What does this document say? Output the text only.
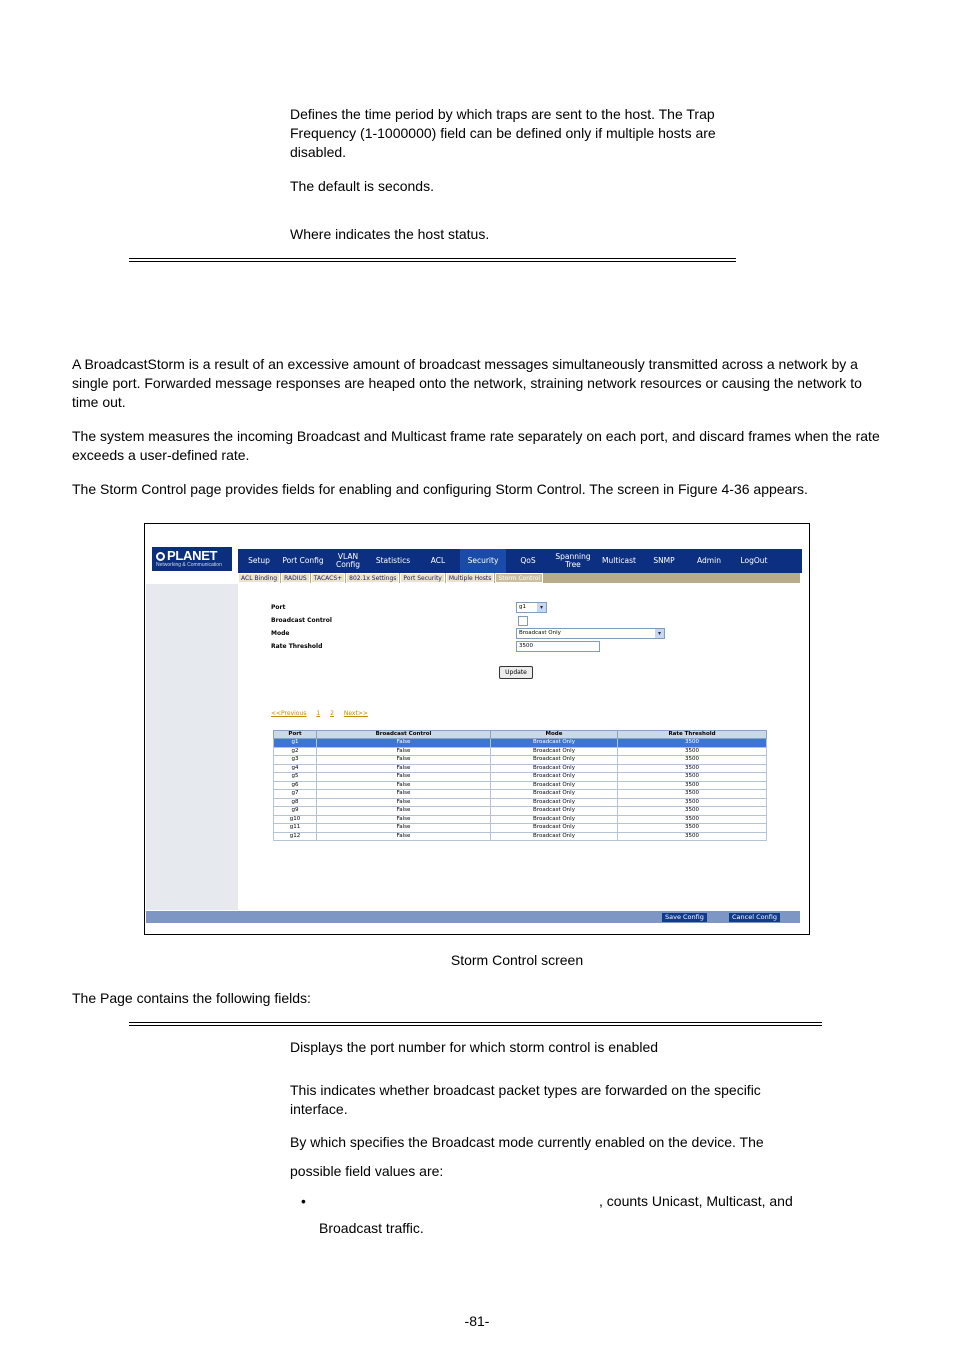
Defines the time period by which traps are sent to the host. The Trap Frequency (1-1000000) field can be defined only if multiple hosts are disabled.

The default is seconds.

Where indicates the host status.

A BroadcastStorm is a result of an excessive amount of broadcast messages simultaneously transmitted across a network by a single port. Forwarded message responses are heaped onto the network, straining network resources or causing the network to time out.

The system measures the incoming Broadcast and Multicast frame rate separately on each port, and discard frames when the rate exceeds a user-defined rate.

The Storm Control page provides fields for enabling and configuring Storm Control. The screen in Figure 4-36 appears.

PLANET
Networking & Communication	Setup	Port Config	VLAN Config	Statistics	ACL	Security	QoS	Spanning Tree	Multicast	SNMP	Admin	LogOut
ACL Binding	RADIUS	TACACS+	802.1x Settings	Port Security	Multiple Hosts	Storm Control
Port	g1	▾
Broadcast Control
Mode	Broadcast Only	▾
Rate Threshold	3500
Update
<<Previous 1 2 Next>>
Port	Broadcast Control	Mode	Rate Threshold
g1	False	Broadcast Only	3500
g2	False	Broadcast Only	3500
g3	False	Broadcast Only	3500
g4	False	Broadcast Only	3500
g5	False	Broadcast Only	3500
g6	False	Broadcast Only	3500
g7	False	Broadcast Only	3500
g8	False	Broadcast Only	3500
g9	False	Broadcast Only	3500
g10	False	Broadcast Only	3500
g11	False	Broadcast Only	3500
g12	False	Broadcast Only	3500
Save Config	Cancel Config

Storm Control screen

The Page contains the following fields:

Displays the port number for which storm control is enabled

This indicates whether broadcast packet types are forwarded on the specific interface.

By which specifies the Broadcast mode currently enabled on the device. The

possible field values are:

•	, counts Unicast, Multicast, and

Broadcast traffic.

-81-
